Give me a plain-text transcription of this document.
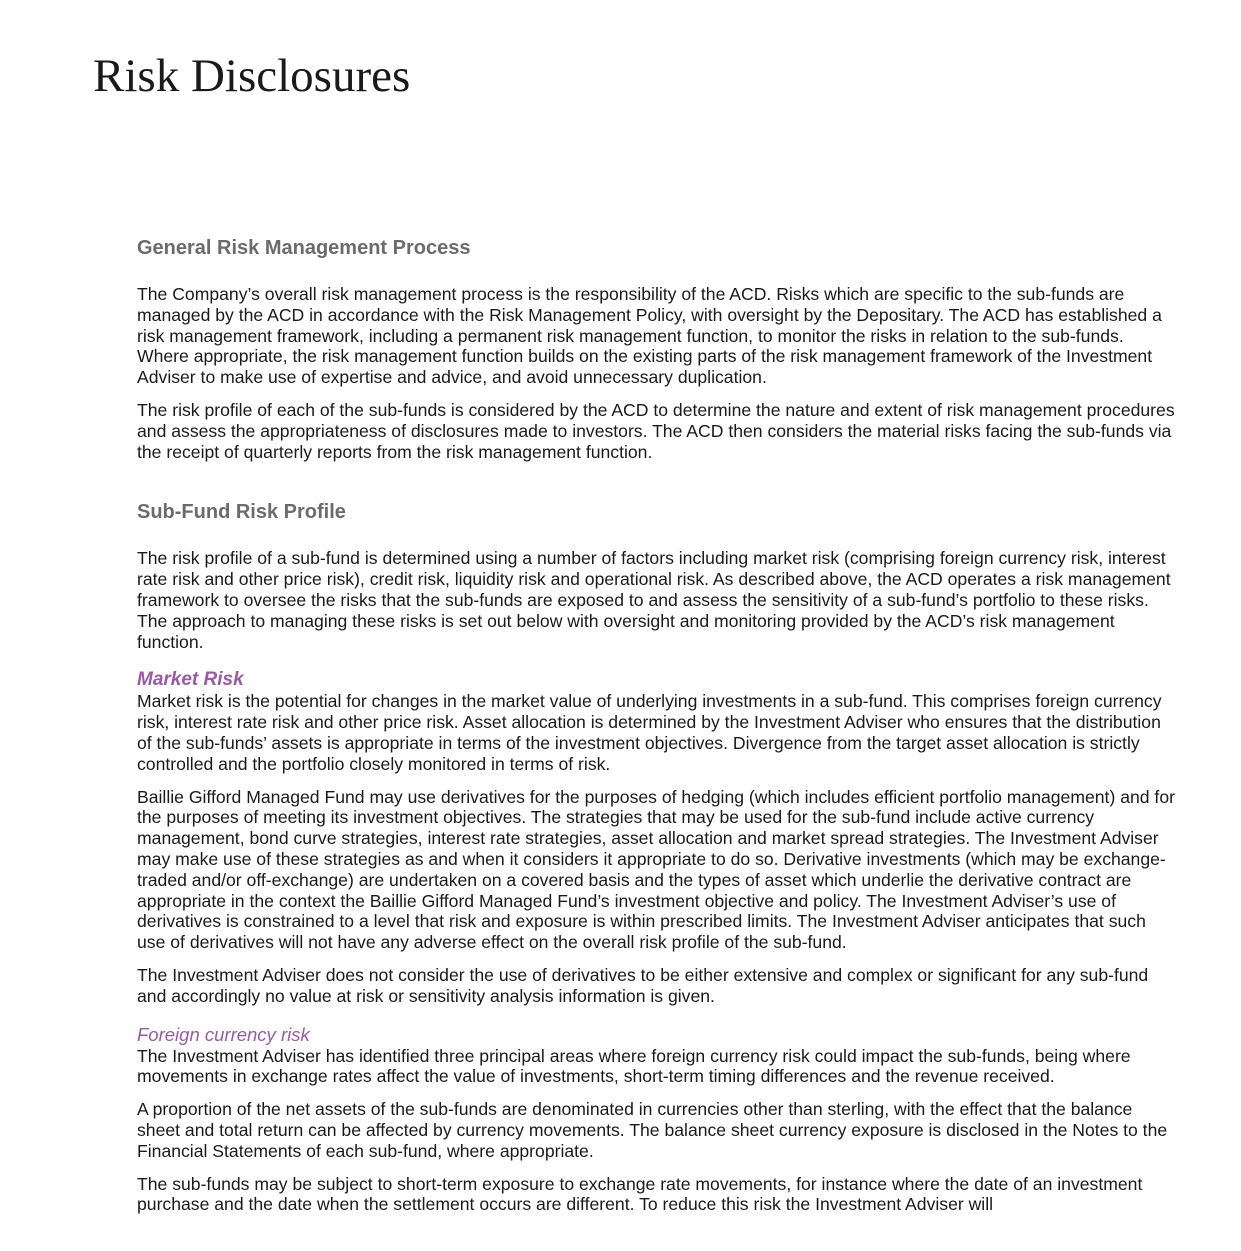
Risk Disclosures
General Risk Management Process

The Company’s overall risk management process is the responsibility of the ACD. Risks which are specific to the sub-funds are managed by the ACD in accordance with the Risk Management Policy, with oversight by the Depositary. The ACD has established a risk management framework, including a permanent risk management function, to monitor the risks in relation to the sub-funds. Where appropriate, the risk management function builds on the existing parts of the risk management framework of the Investment Adviser to make use of expertise and advice, and avoid unnecessary duplication.

The risk profile of each of the sub-funds is considered by the ACD to determine the nature and extent of risk management procedures and assess the appropriateness of disclosures made to investors. The ACD then considers the material risks facing the sub-funds via the receipt of quarterly reports from the risk management function.

Sub-Fund Risk Profile

The risk profile of a sub-fund is determined using a number of factors including market risk (comprising foreign currency risk, interest rate risk and other price risk), credit risk, liquidity risk and operational risk. As described above, the ACD operates a risk management framework to oversee the risks that the sub-funds are exposed to and assess the sensitivity of a sub-fund’s portfolio to these risks. The approach to managing these risks is set out below with oversight and monitoring provided by the ACD’s risk management function.

Market Risk

Market risk is the potential for changes in the market value of underlying investments in a sub-fund. This comprises foreign currency risk, interest rate risk and other price risk. Asset allocation is determined by the Investment Adviser who ensures that the distribution of the sub-funds’ assets is appropriate in terms of the investment objectives. Divergence from the target asset allocation is strictly controlled and the portfolio closely monitored in terms of risk.

Baillie Gifford Managed Fund may use derivatives for the purposes of hedging (which includes efficient portfolio management) and for the purposes of meeting its investment objectives. The strategies that may be used for the sub-fund include active currency management, bond curve strategies, interest rate strategies, asset allocation and market spread strategies. The Investment Adviser may make use of these strategies as and when it considers it appropriate to do so. Derivative investments (which may be exchange-traded and/or off-exchange) are undertaken on a covered basis and the types of asset which underlie the derivative contract are appropriate in the context the Baillie Gifford Managed Fund’s investment objective and policy. The Investment Adviser’s use of derivatives is constrained to a level that risk and exposure is within prescribed limits. The Investment Adviser anticipates that such use of derivatives will not have any adverse effect on the overall risk profile of the sub-fund.

The Investment Adviser does not consider the use of derivatives to be either extensive and complex or significant for any sub-fund and accordingly no value at risk or sensitivity analysis information is given.

Foreign currency risk

The Investment Adviser has identified three principal areas where foreign currency risk could impact the sub-funds, being where movements in exchange rates affect the value of investments, short-term timing differences and the revenue received.

A proportion of the net assets of the sub-funds are denominated in currencies other than sterling, with the effect that the balance sheet and total return can be affected by currency movements. The balance sheet currency exposure is disclosed in the Notes to the Financial Statements of each sub-fund, where appropriate.

The sub-funds may be subject to short-term exposure to exchange rate movements, for instance where the date of an investment purchase and the date when the settlement occurs are different. To reduce this risk the Investment Adviser will
